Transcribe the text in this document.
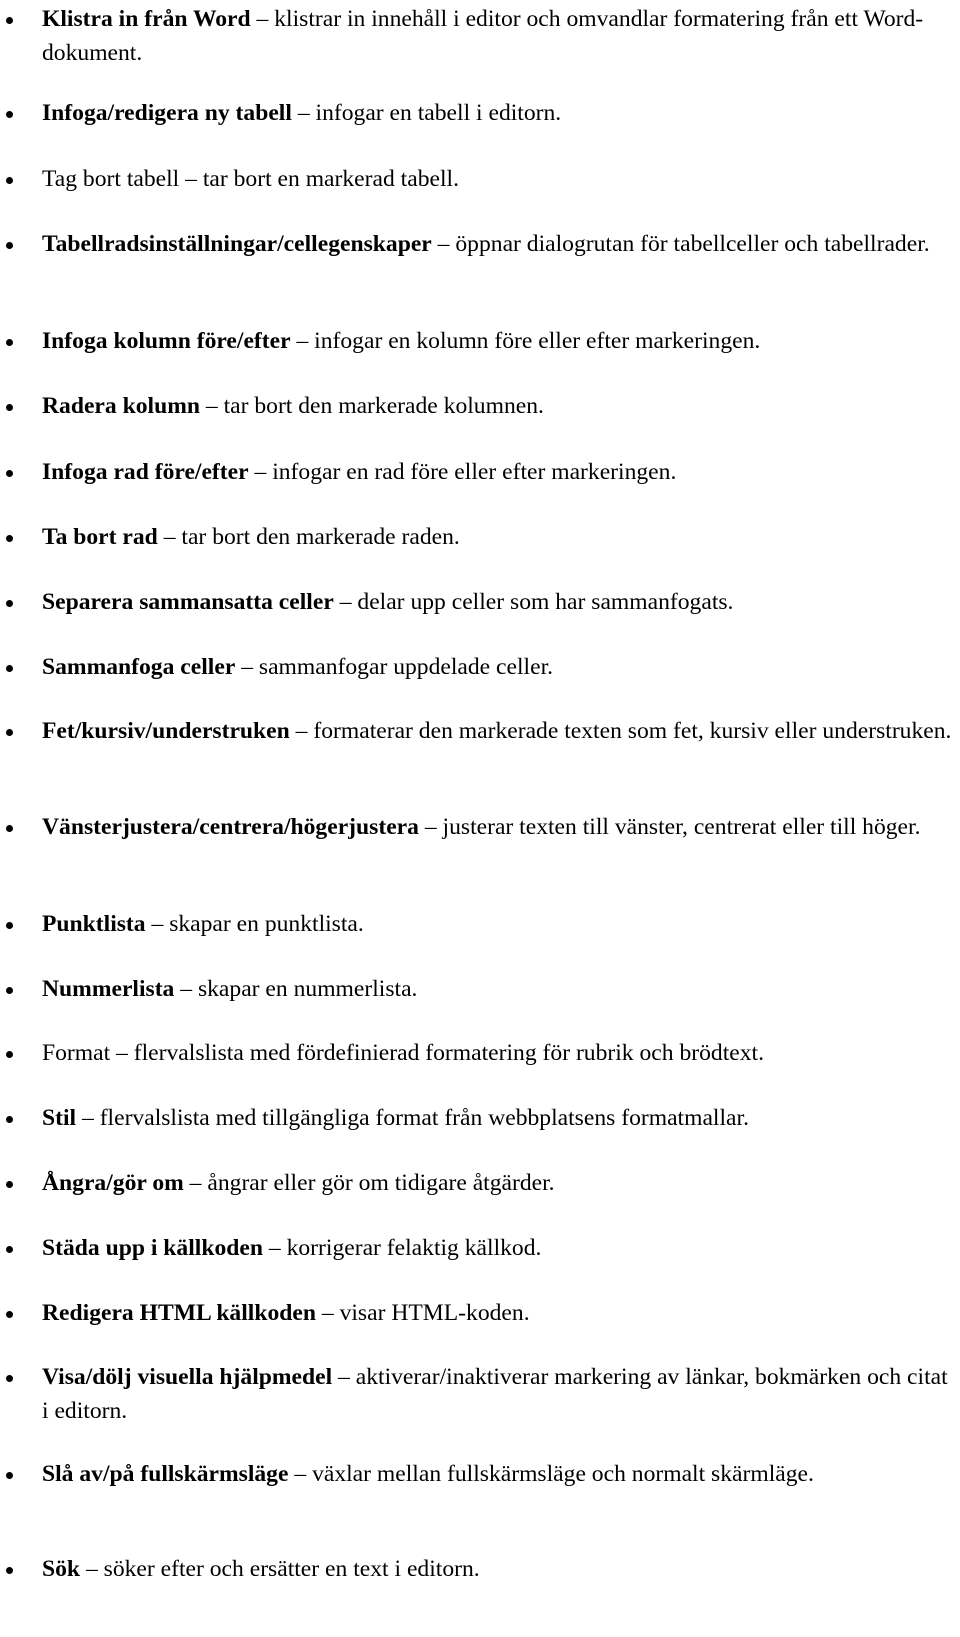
Klistra in från Word – klistrar in innehåll i editor och omvandlar formatering från ett Word-dokument.
Infoga/redigera ny tabell – infogar en tabell i editorn.
Tag bort tabell – tar bort en markerad tabell.
Tabellradsinställningar/cellegenskaper – öppnar dialogrutan för tabellceller och tabellrader.
Infoga kolumn före/efter – infogar en kolumn före eller efter markeringen.
Radera kolumn – tar bort den markerade kolumnen.
Infoga rad före/efter – infogar en rad före eller efter markeringen.
Ta bort rad – tar bort den markerade raden.
Separera sammansatta celler – delar upp celler som har sammanfogats.
Sammanfoga celler – sammanfogar uppdelade celler.
Fet/kursiv/understruken – formaterar den markerade texten som fet, kursiv eller understruken.
Vänsterjustera/centrera/högerjustera – justerar texten till vänster, centrerat eller till höger.
Punktlista – skapar en punktlista.
Nummerlista – skapar en nummerlista.
Format – flervalslista med fördefinierad formatering för rubrik och brödtext.
Stil – flervalslista med tillgängliga format från webbplatsens formatmallar.
Ångra/gör om – ångrar eller gör om tidigare åtgärder.
Städa upp i källkoden – korrigerar felaktig källkod.
Redigera HTML källkoden – visar HTML-koden.
Visa/dölj visuella hjälpmedel – aktiverar/inaktiverar markering av länkar, bokmärken och citat i editorn.
Slå av/på fullskärmsläge – växlar mellan fullskärmsläge och normalt skärmläge.
Sök – söker efter och ersätter en text i editorn.
